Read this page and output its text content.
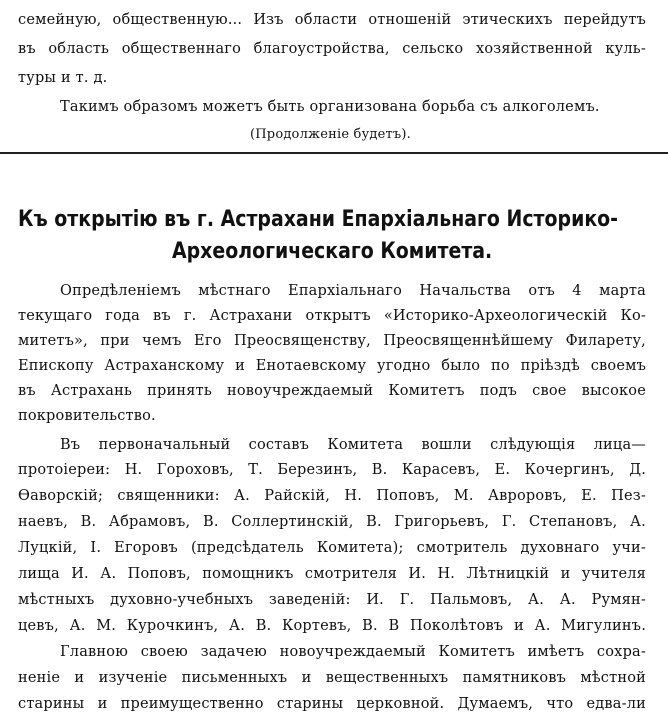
семейную, общественную... Изъ области отношеній этическихъ перейдутъ
въ область общественнаго благоустройства, сельско хозяйственной куль-
туры и т. д.
Такимъ образомъ можетъ быть организована борьба съ алкоголемъ.
(Продолженіе будетъ).
Къ открытію въ г. Астрахани Епархіальнаго Историко-
Археологическаго Комитета.
Опредѣленіемъ мѣстнаго Епархіальнаго Начальства отъ 4 марта
текущаго года въ г. Астрахани открытъ «Историко-Археологическій Ко-
митетъ», при чемъ Его Преосвященству, Преосвященнѣйшему Филарету,
Епископу Астраханскому и Енотаевскому угодно было по пріѣздѣ своемъ
въ Астрахань принять новоучреждаемый Комитетъ подъ свое высокое
покровительство.
Въ первоначальный составъ Комитета вошли слѣдующія лица—
протоіереи: Н. Гороховъ, Т. Березинъ, В. Карасевъ, Е. Кочергинъ, Д.
Ѳаворскій; священники: А. Райскій, Н. Поповъ, М. Авроровъ, Е. Пез-
наевъ, В. Абрамовъ, В. Соллертинскій, В. Григорьевъ, Г. Степановъ, А.
Луцкій, І. Егоровъ (предсѣдатель Комитета); смотритель духовнаго учи-
лища И. А. Поповъ, помощникъ смотрителя И. Н. Лѣтницкій и учителя
мѣстныхъ духовно-учебныхъ заведеній: И. Г. Пальмовъ, А. А. Румян-
цевъ, А. М. Курочкинъ, А. В. Кортевъ, В. В Поколѣтовъ и А. Мигулинъ.
Главною своею задачею новоучреждаемый Комитетъ имѣетъ сохра-
неніе и изученіе письменныхъ и вещественныхъ памятниковъ мѣстной
старины и преимущественно старины церковной. Думаемъ, что едва-ли
